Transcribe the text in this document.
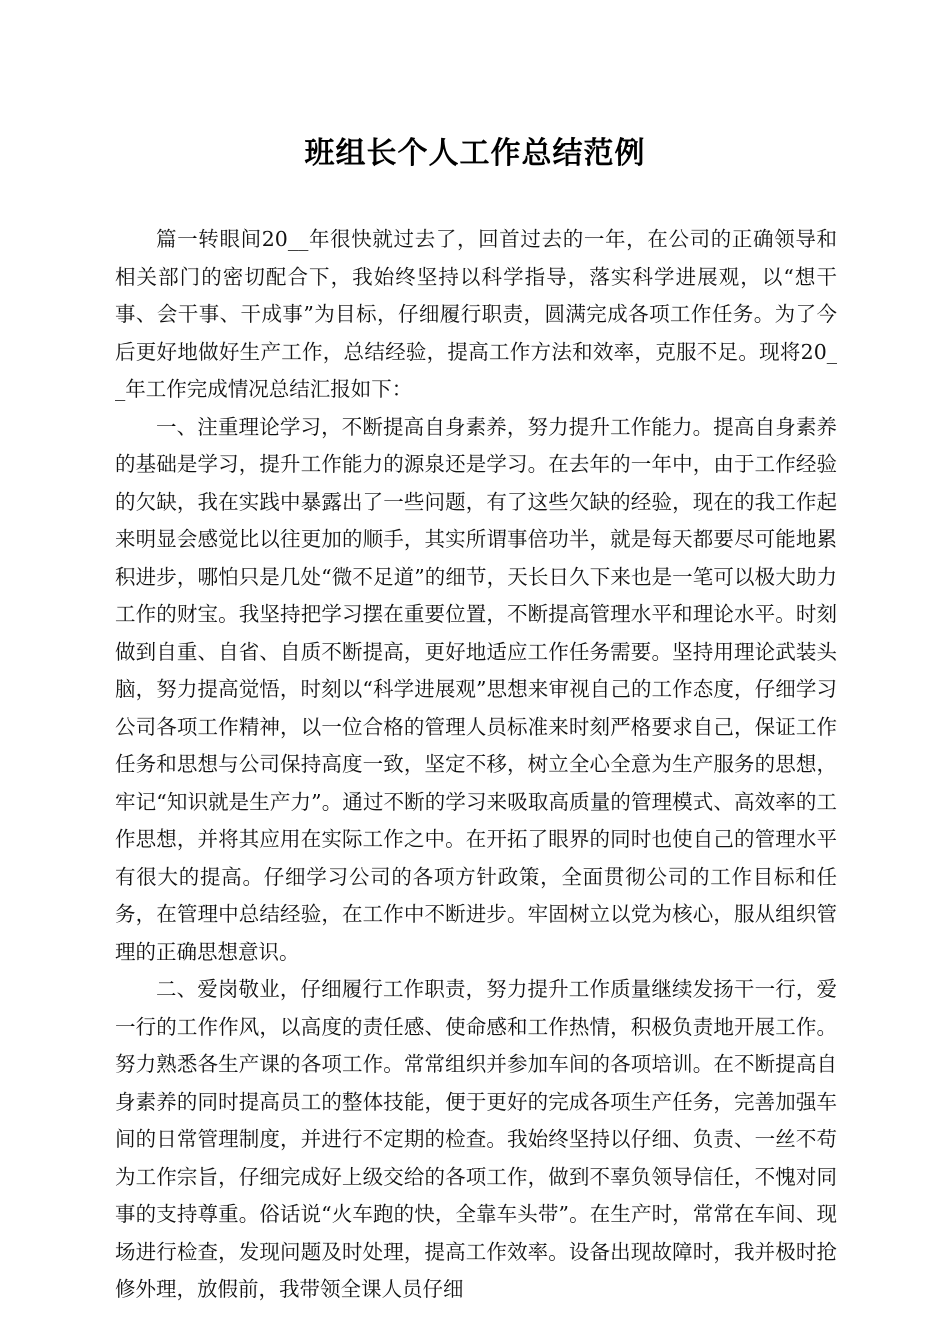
班组长个人工作总结范例

篇一转眼间20__年很快就过去了，回首过去的一年，在公司的正确领导和相关部门的密切配合下，我始终坚持以科学指导，落实科学进展观，以“想干事、会干事、干成事”为目标，仔细履行职责，圆满完成各项工作任务。为了今后更好地做好生产工作，总结经验，提高工作方法和效率，克服不足。现将20__年工作完成情况总结汇报如下：

一、注重理论学习，不断提高自身素养，努力提升工作能力。提高自身素养的基础是学习，提升工作能力的源泉还是学习。在去年的一年中，由于工作经验的欠缺，我在实践中暴露出了一些问题，有了这些欠缺的经验，现在的我工作起来明显会感觉比以往更加的顺手，其实所谓事倍功半，就是每天都要尽可能地累积进步，哪怕只是几处“微不足道”的细节，天长日久下来也是一笔可以极大助力工作的财宝。我坚持把学习摆在重要位置，不断提高管理水平和理论水平。时刻做到自重、自省、自质不断提高，更好地适应工作任务需要。坚持用理论武装头脑，努力提高觉悟，时刻以“科学进展观”思想来审视自己的工作态度，仔细学习公司各项工作精神，以一位合格的管理人员标准来时刻严格要求自己，保证工作任务和思想与公司保持高度一致，坚定不移，树立全心全意为生产服务的思想，牢记“知识就是生产力”。通过不断的学习来吸取高质量的管理模式、高效率的工作思想，并将其应用在实际工作之中。在开拓了眼界的同时也使自己的管理水平有很大的提高。仔细学习公司的各项方针政策，全面贯彻公司的工作目标和任务，在管理中总结经验，在工作中不断进步。牢固树立以党为核心，服从组织管理的正确思想意识。

二、爱岗敬业，仔细履行工作职责，努力提升工作质量继续发扬干一行，爱一行的工作作风，以高度的责任感、使命感和工作热情，积极负责地开展工作。努力熟悉各生产课的各项工作。常常组织并参加车间的各项培训。在不断提高自身素养的同时提高员工的整体技能，便于更好的完成各项生产任务，完善加强车间的日常管理制度，并进行不定期的检查。我始终坚持以仔细、负责、一丝不苟为工作宗旨，仔细完成好上级交给的各项工作，做到不辜负领导信任，不愧对同事的支持尊重。俗话说“火车跑的快，全靠车头带”。在生产时，常常在车间、现场进行检查，发现问题及时处理，提高工作效率。设备出现故障时，我并极时抢修外理，放假前，我带领全课人员仔细
